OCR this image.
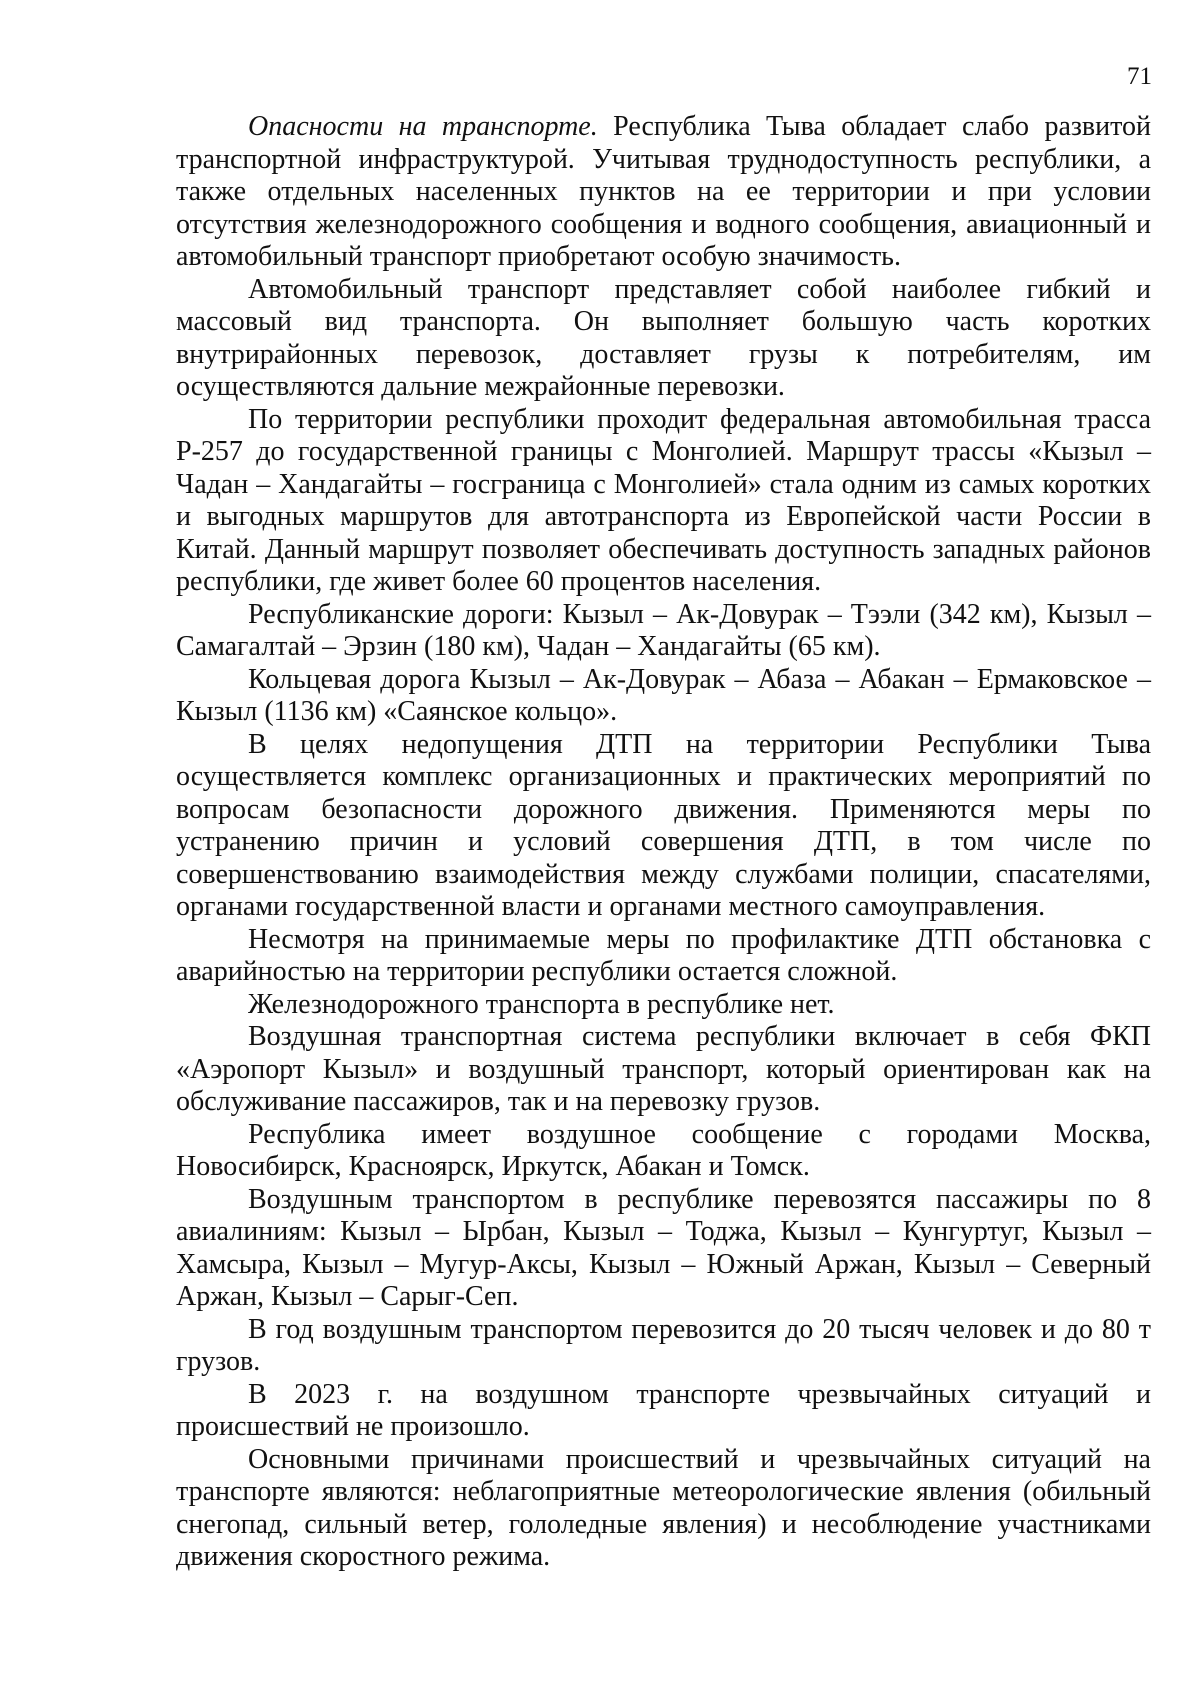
71

Опасности на транспорте. Республика Тыва обладает слабо развитой транспортной инфраструктурой. Учитывая труднодоступность республики, а также отдельных населенных пунктов на ее территории и при условии отсутствия железнодорожного сообщения и водного сообщения, авиационный и автомобильный транспорт приобретают особую значимость.

Автомобильный транспорт представляет собой наиболее гибкий и массовый вид транспорта. Он выполняет большую часть коротких внутрирайонных перевозок, доставляет грузы к потребителям, им осуществляются дальние межрайонные перевозки.

По территории республики проходит федеральная автомобильная трасса Р-257 до государственной границы с Монголией. Маршрут трассы «Кызыл – Чадан – Хандагайты – госграница с Монголией» стала одним из самых коротких и выгодных маршрутов для автотранспорта из Европейской части России в Китай. Данный маршрут позволяет обеспечивать доступность западных районов республики, где живет более 60 процентов населения.

Республиканские дороги: Кызыл – Ак-Довурак – Тээли (342 км), Кызыл – Самагалтай – Эрзин (180 км), Чадан – Хандагайты (65 км).

Кольцевая дорога Кызыл – Ак-Довурак – Абаза – Абакан – Ермаковское – Кызыл (1136 км) «Саянское кольцо».

В целях недопущения ДТП на территории Республики Тыва осуществляется комплекс организационных и практических мероприятий по вопросам безопасности дорожного движения. Применяются меры по устранению причин и условий совершения ДТП, в том числе по совершенствованию взаимодействия между службами полиции, спасателями, органами государственной власти и органами местного самоуправления.

Несмотря на принимаемые меры по профилактике ДТП обстановка с аварийностью на территории республики остается сложной.

Железнодорожного транспорта в республике нет.

Воздушная транспортная система республики включает в себя ФКП «Аэропорт Кызыл» и воздушный транспорт, который ориентирован как на обслуживание пассажиров, так и на перевозку грузов.

Республика имеет воздушное сообщение с городами Москва, Новосибирск, Красноярск, Иркутск, Абакан и Томск.

Воздушным транспортом в республике перевозятся пассажиры по 8 авиалиниям: Кызыл – Ырбан, Кызыл – Тоджа, Кызыл – Кунгуртуг, Кызыл – Хамсыра, Кызыл – Мугур-Аксы, Кызыл – Южный Аржан, Кызыл – Северный Аржан, Кызыл – Сарыг-Сеп.

В год воздушным транспортом перевозится до 20 тысяч человек и до 80 т грузов.

В 2023 г. на воздушном транспорте чрезвычайных ситуаций и происшествий не произошло.

Основными причинами происшествий и чрезвычайных ситуаций на транспорте являются: неблагоприятные метеорологические явления (обильный снегопад, сильный ветер, гололедные явления) и несоблюдение участниками движения скоростного режима.
